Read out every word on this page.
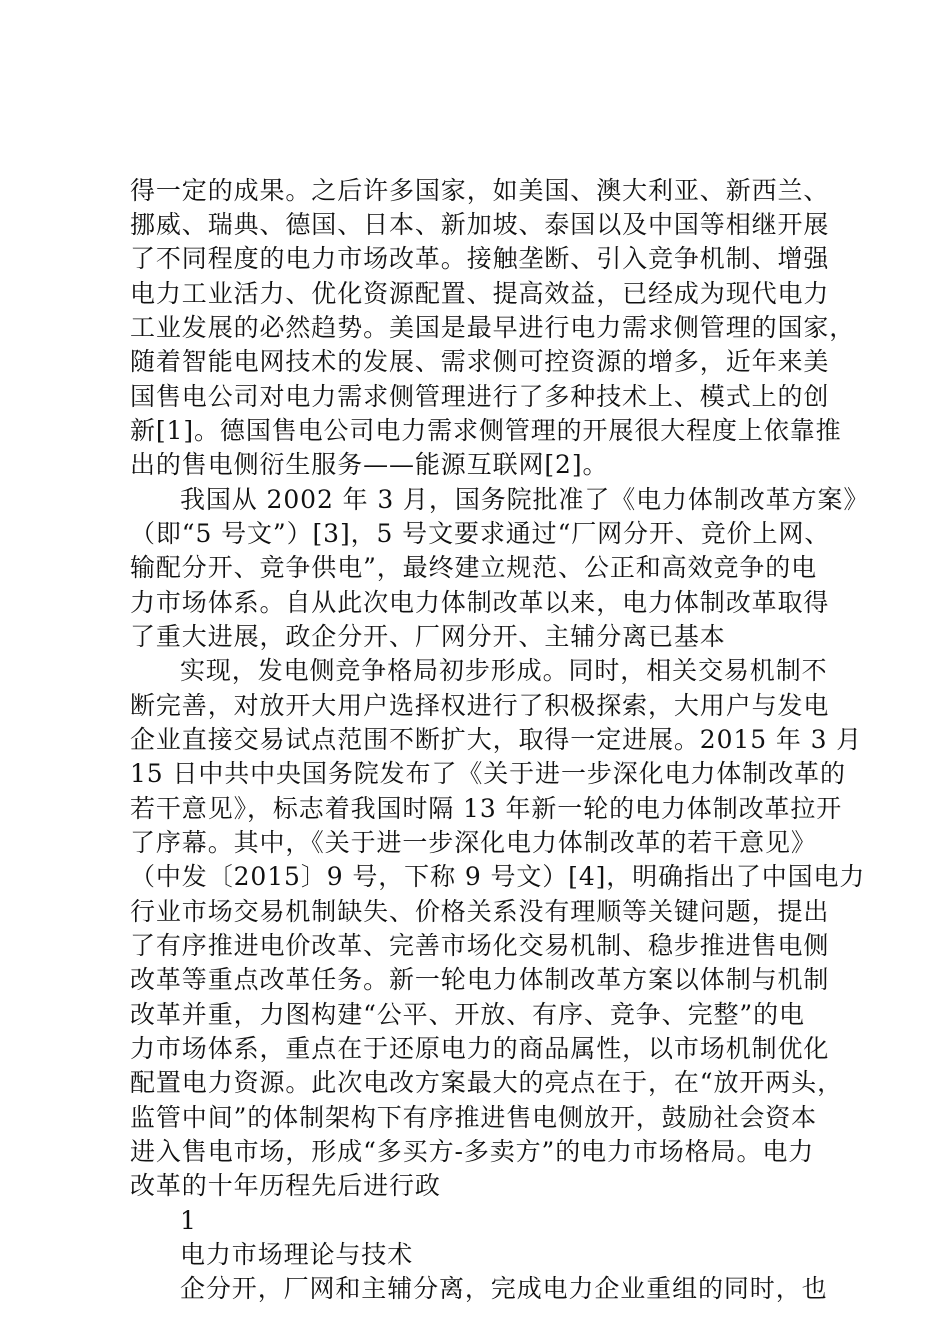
得一定的成果。之后许多国家，如美国、澳大利亚、新西兰、
挪威、瑞典、德国、日本、新加坡、泰国以及中国等相继开展
了不同程度的电力市场改革。接触垄断、引入竞争机制、增强
电力工业活力、优化资源配置、提高效益，已经成为现代电力
工业发展的必然趋势。美国是最早进行电力需求侧管理的国家，
随着智能电网技术的发展、需求侧可控资源的增多，近年来美
国售电公司对电力需求侧管理进行了多种技术上、模式上的创
新[1]。德国售电公司电力需求侧管理的开展很大程度上依靠推
出的售电侧衍生服务——能源互联网[2]。
我国从 2002 年 3 月，国务院批准了《电力体制改革方案》
（即“5 号文”）[3]，5 号文要求通过“厂网分开、竞价上网、
输配分开、竞争供电”，最终建立规范、公正和高效竞争的电
力市场体系。自从此次电力体制改革以来，电力体制改革取得
了重大进展，政企分开、厂网分开、主辅分离已基本
实现，发电侧竞争格局初步形成。同时，相关交易机制不
断完善，对放开大用户选择权进行了积极探索，大用户与发电
企业直接交易试点范围不断扩大，取得一定进展。2015 年 3 月
15 日中共中央国务院发布了《关于进一步深化电力体制改革的
若干意见》，标志着我国时隔 13 年新一轮的电力体制改革拉开
了序幕。其中，《关于进一步深化电力体制改革的若干意见》
（中发〔2015〕9 号，下称 9 号文）[4]，明确指出了中国电力
行业市场交易机制缺失、价格关系没有理顺等关键问题，提出
了有序推进电价改革、完善市场化交易机制、稳步推进售电侧
改革等重点改革任务。新一轮电力体制改革方案以体制与机制
改革并重，力图构建“公平、开放、有序、竞争、完整”的电
力市场体系，重点在于还原电力的商品属性，以市场机制优化
配置电力资源。此次电改方案最大的亮点在于，在“放开两头，
监管中间”的体制架构下有序推进售电侧放开，鼓励社会资本
进入售电市场，形成“多买方-多卖方”的电力市场格局。电力
改革的十年历程先后进行政
1
电力市场理论与技术
企分开，厂网和主辅分离，完成电力企业重组的同时，也
